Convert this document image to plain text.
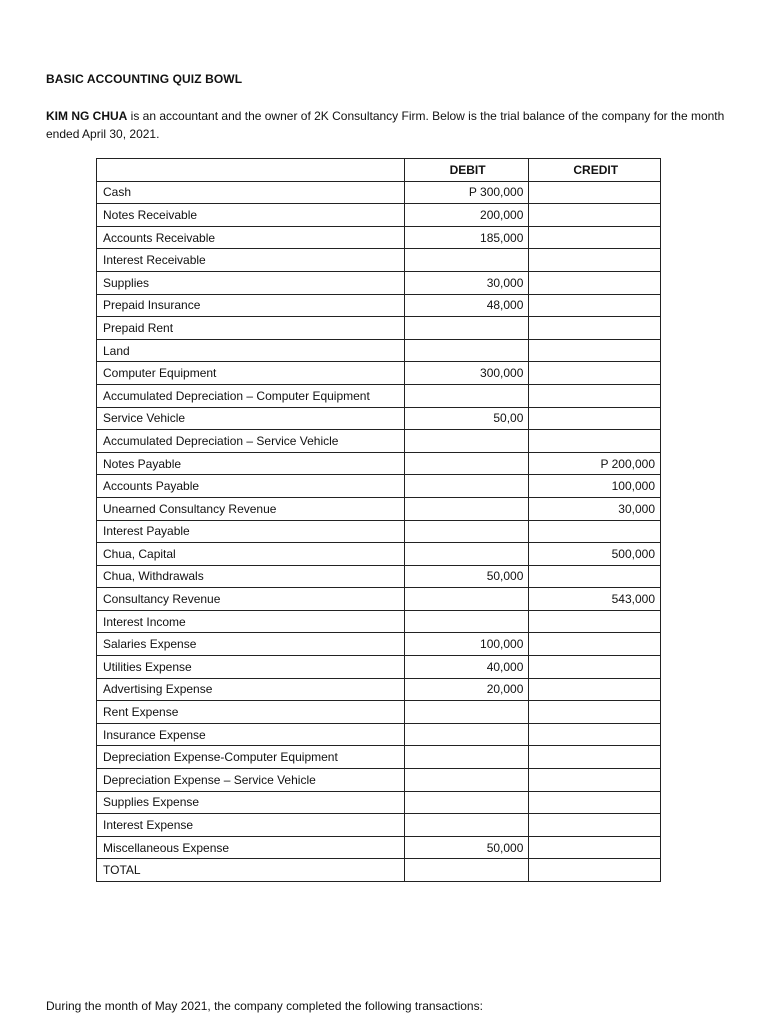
BASIC ACCOUNTING QUIZ BOWL
KIM NG CHUA is an accountant and the owner of 2K Consultancy Firm. Below is the trial balance of the company for the month ended April 30, 2021.
	DEBIT	CREDIT
Cash	P 300,000	
Notes Receivable	200,000	
Accounts Receivable	185,000	
Interest Receivable		
Supplies	30,000	
Prepaid Insurance	48,000	
Prepaid Rent		
Land		
Computer Equipment	300,000	
Accumulated Depreciation – Computer Equipment		
Service Vehicle	50,00	
Accumulated Depreciation – Service Vehicle		
Notes Payable		P 200,000
Accounts Payable		100,000
Unearned Consultancy Revenue		30,000
Interest Payable		
Chua, Capital		500,000
Chua, Withdrawals	50,000	
Consultancy Revenue		543,000
Interest Income		
Salaries Expense	100,000	
Utilities Expense	40,000	
Advertising Expense	20,000	
Rent Expense		
Insurance Expense		
Depreciation Expense-Computer Equipment		
Depreciation Expense – Service Vehicle		
Supplies Expense		
Interest Expense		
Miscellaneous Expense	50,000	
TOTAL		
During the month of May 2021, the company completed the following transactions:
